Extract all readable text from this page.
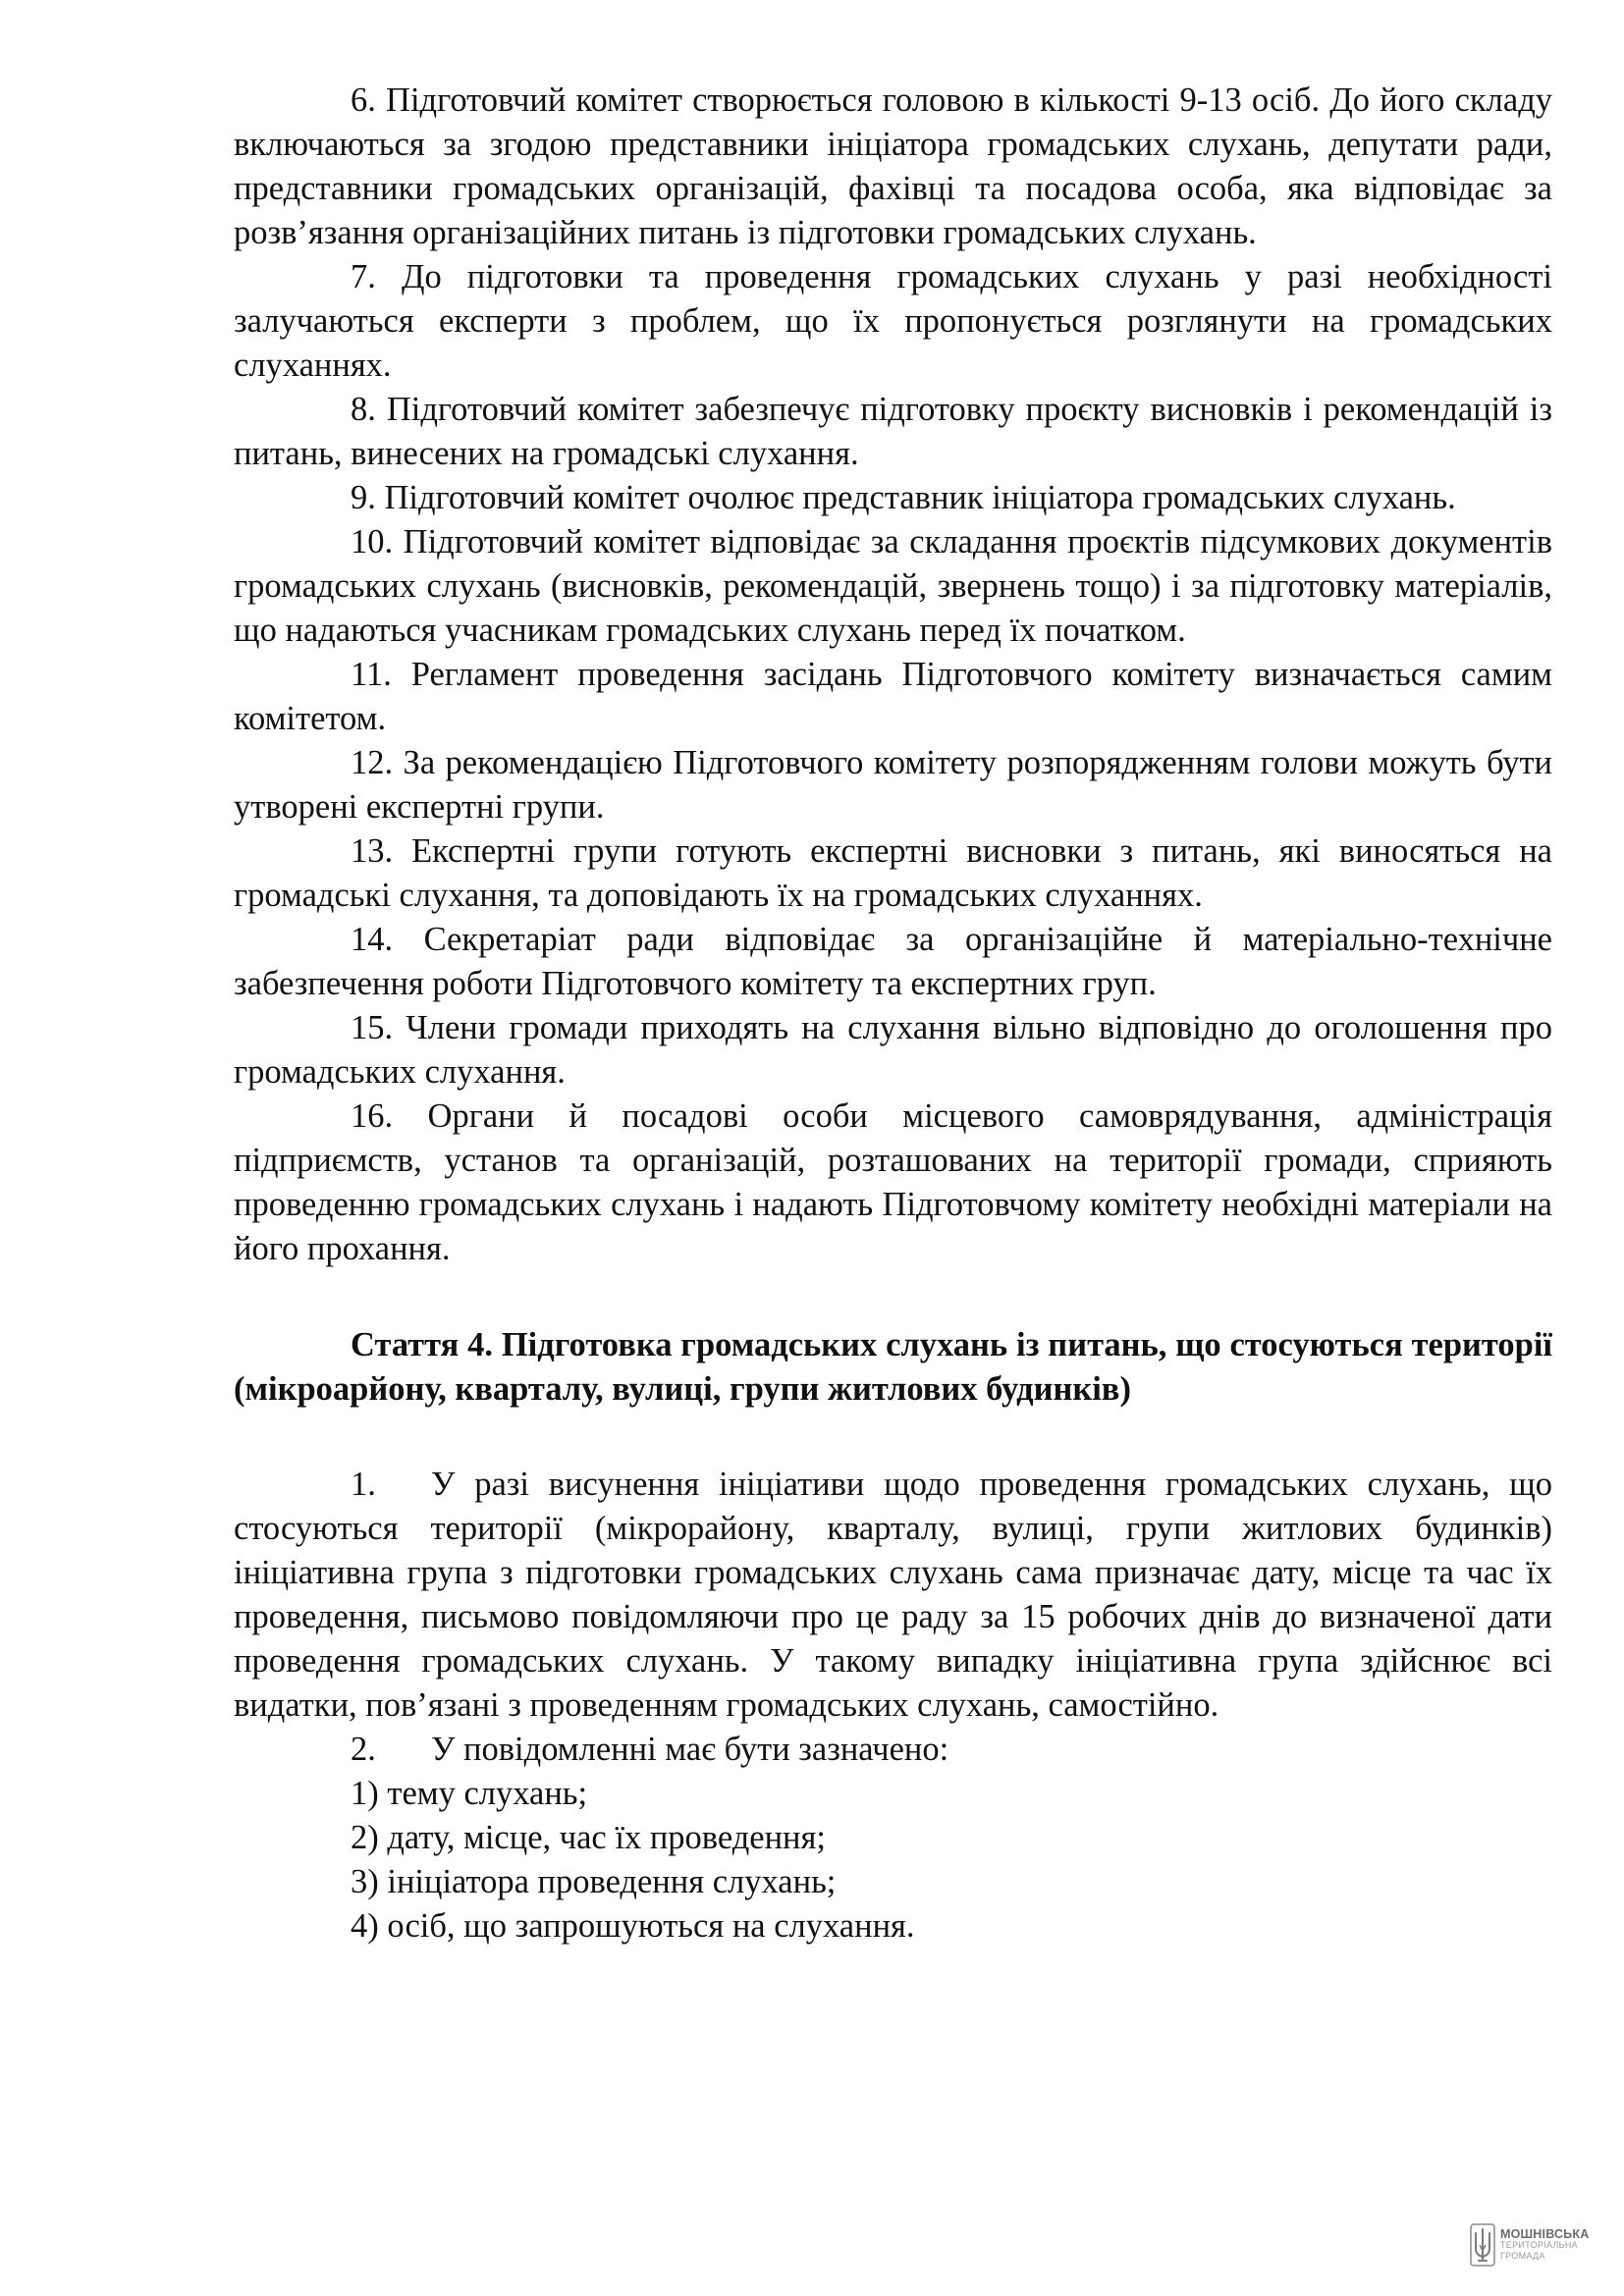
6. Підготовчий комітет створюється головою в кількості 9-13 осіб. До його складу включаються за згодою представники ініціатора громадських слухань, депутати ради, представники громадських організацій, фахівці та посадова особа, яка відповідає за розв’язання організаційних питань із підготовки громадських слухань.

7. До підготовки та проведення громадських слухань у разі необхідності залучаються експерти з проблем, що їх пропонується розглянути на громадських слуханнях.

8. Підготовчий комітет забезпечує підготовку проєкту висновків і рекомендацій із питань, винесених на громадські слухання.

9. Підготовчий комітет очолює представник ініціатора громадських слухань.

10. Підготовчий комітет відповідає за складання проєктів підсумкових документів громадських слухань (висновків, рекомендацій, звернень тощо) і за підготовку матеріалів, що надаються учасникам громадських слухань перед їх початком.

11. Регламент проведення засідань Підготовчого комітету визначається самим комітетом.

12. За рекомендацією Підготовчого комітету розпорядженням голови можуть бути утворені експертні групи.

13. Експертні групи готують експертні висновки з питань, які виносяться на громадські слухання, та доповідають їх на громадських слуханнях.

14. Секретаріат ради відповідає за організаційне й матеріально-технічне забезпечення роботи Підготовчого комітету та експертних груп.

15. Члени громади приходять на слухання вільно відповідно до оголошення про громадських слухання.

16. Органи й посадові особи місцевого самоврядування, адміністрація підприємств, установ та організацій, розташованих на території громади, сприяють проведенню громадських слухань і надають Підготовчому комітету необхідні матеріали на його прохання.

Стаття 4. Підготовка громадських слухань із питань, що стосуються території (мікроарйону, кварталу, вулиці, групи житлових будинків)

1. У разі висунення ініціативи щодо проведення громадських слухань, що стосуються території (мікрорайону, кварталу, вулиці, групи житлових будинків) ініціативна група з підготовки громадських слухань сама призначає дату, місце та час їх проведення, письмово повідомляючи про це раду за 15 робочих днів до визначеної дати проведення громадських слухань. У такому випадку ініціативна група здійснює всі видатки, пов’язані з проведенням громадських слухань, самостійно.

2. У повідомленні має бути зазначено:

1) тему слухань;

2) дату, місце, час їх проведення;

3) ініціатора проведення слухань;

4) осіб, що запрошуються на слухання.

МОШНІВСЬКА
ТЕРИТОРІАЛЬНА
ГРОМАДА
